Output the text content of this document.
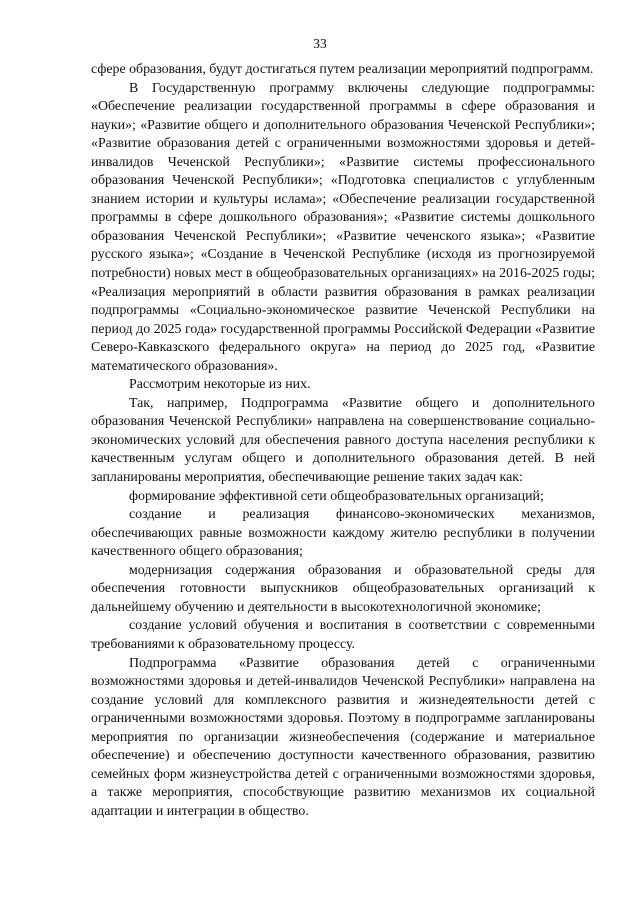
33

сфере образования, будут достигаться путем реализации мероприятий подпрограмм.

В Государственную программу включены следующие подпрограммы: «Обеспечение реализации государственной программы в сфере образования и науки»; «Развитие общего и дополнительного образования Чеченской Республики»; «Развитие образования детей с ограниченными возможностями здоровья и детей-инвалидов Чеченской Республики»; «Развитие системы профессионального образования Чеченской Республики»; «Подготовка специалистов с углубленным знанием истории и культуры ислама»; «Обеспечение реализации государственной программы в сфере дошкольного образования»; «Развитие системы дошкольного образования Чеченской Республики»; «Развитие чеченского языка»; «Развитие русского языка»; «Создание в Чеченской Республике (исходя из прогнозируемой потребности) новых мест в общеобразовательных организациях» на 2016-2025 годы; «Реализация мероприятий в области развития образования в рамках реализации подпрограммы «Социально-экономическое развитие Чеченской Республики на период до 2025 года» государственной программы Российской Федерации «Развитие Северо-Кавказского федерального округа» на период до 2025 год, «Развитие математического образования».

Рассмотрим некоторые из них.

Так, например, Подпрограмма «Развитие общего и дополнительного образования Чеченской Республики» направлена на совершенствование социально-экономических условий для обеспечения равного доступа населения республики к качественным услугам общего и дополнительного образования детей. В ней запланированы мероприятия, обеспечивающие решение таких задач как:

формирование эффективной сети общеобразовательных организаций;

создание и реализация финансово-экономических механизмов, обеспечивающих равные возможности каждому жителю республики в получении качественного общего образования;

модернизация содержания образования и образовательной среды для обеспечения готовности выпускников общеобразовательных организаций к дальнейшему обучению и деятельности в высокотехнологичной экономике;

создание условий обучения и воспитания в соответствии с современными требованиями к образовательному процессу.

Подпрограмма «Развитие образования детей с ограниченными возможностями здоровья и детей-инвалидов Чеченской Республики» направлена на создание условий для комплексного развития и жизнедеятельности детей с ограниченными возможностями здоровья. Поэтому в подпрограмме запланированы мероприятия по организации жизнеобеспечения (содержание и материальное обеспечение) и обеспечению доступности качественного образования, развитию семейных форм жизнеустройства детей с ограниченными возможностями здоровья, а также мероприятия, способствующие развитию механизмов их социальной адаптации и интеграции в общество.
